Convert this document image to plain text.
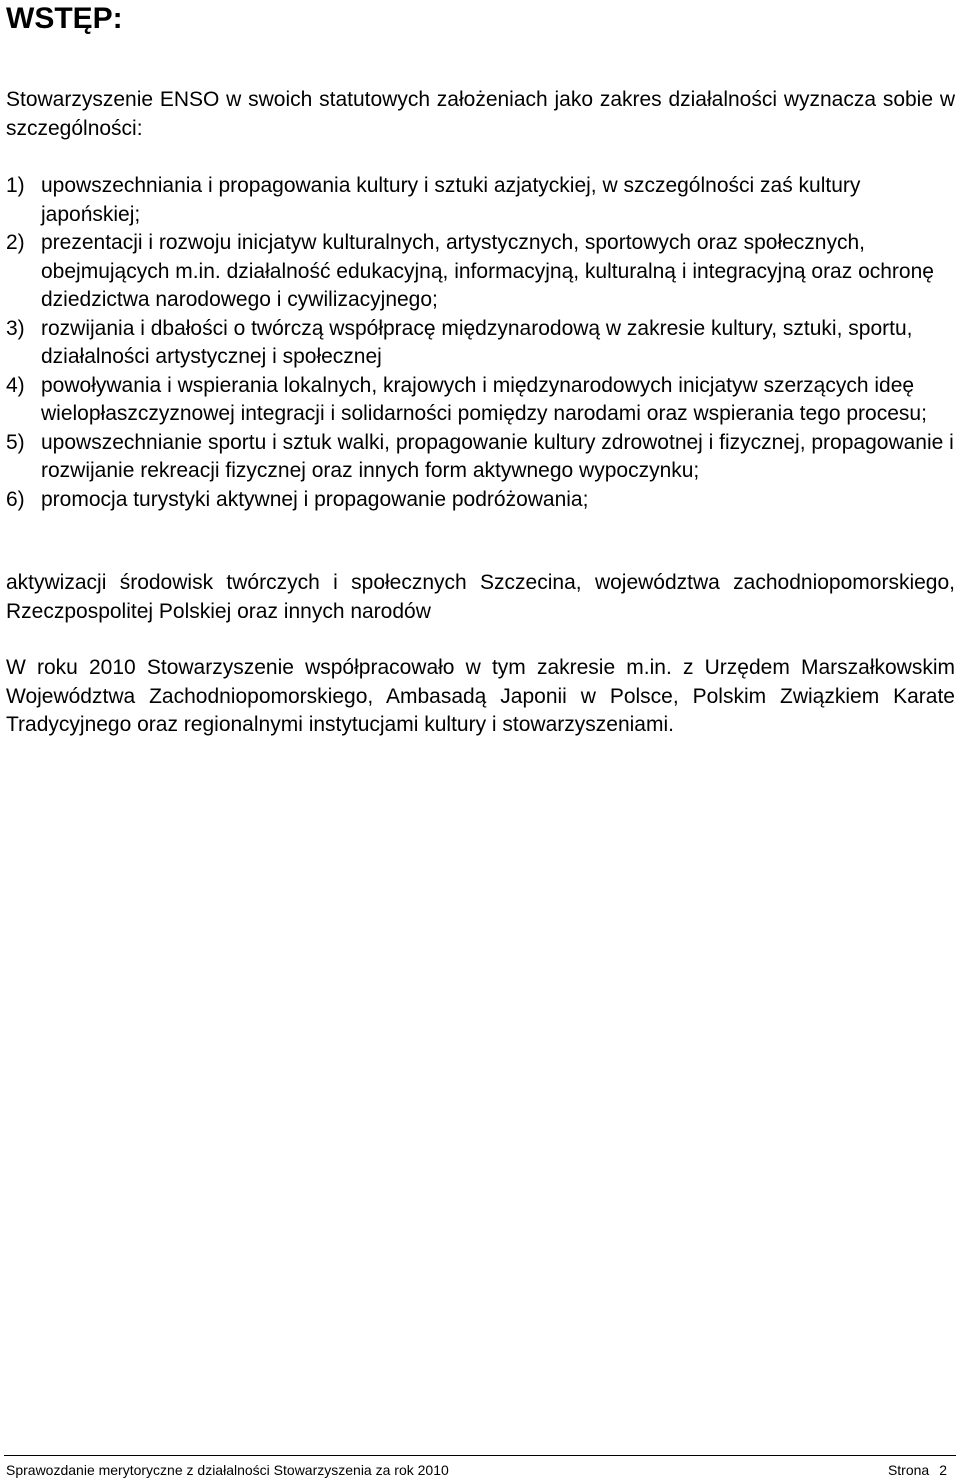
WSTĘP:

Stowarzyszenie ENSO w swoich statutowych założeniach jako zakres działalności wyznacza sobie w szczególności:

1) upowszechniania i propagowania kultury i sztuki azjatyckiej, w szczególności zaś kultury japońskiej;
2) prezentacji i rozwoju inicjatyw kulturalnych, artystycznych, sportowych oraz społecznych, obejmujących m.in. działalność edukacyjną, informacyjną, kulturalną i integracyjną oraz ochronę dziedzictwa narodowego i cywilizacyjnego;
3) rozwijania i dbałości o twórczą współpracę międzynarodową w zakresie kultury, sztuki, sportu, działalności artystycznej i społecznej
4) powoływania i wspierania lokalnych, krajowych i międzynarodowych inicjatyw szerzących ideę wielopłaszczyznowej integracji i solidarności pomiędzy narodami oraz wspierania tego procesu;
5) upowszechnianie sportu i sztuk walki, propagowanie kultury zdrowotnej i fizycznej, propagowanie i rozwijanie rekreacji fizycznej oraz innych form aktywnego wypoczynku;
6) promocja turystyki aktywnej i propagowanie podróżowania;

aktywizacji środowisk twórczych i społecznych Szczecina, województwa zachodniopomorskiego, Rzeczpospolitej Polskiej oraz innych narodów

W roku 2010 Stowarzyszenie współpracowało w tym zakresie m.in. z Urzędem Marszałkowskim Województwa Zachodniopomorskiego, Ambasadą Japonii w Polsce, Polskim Związkiem Karate Tradycyjnego oraz regionalnymi instytucjami kultury i stowarzyszeniami.

Sprawozdanie merytoryczne z działalności Stowarzyszenia za rok 2010	Strona 2
